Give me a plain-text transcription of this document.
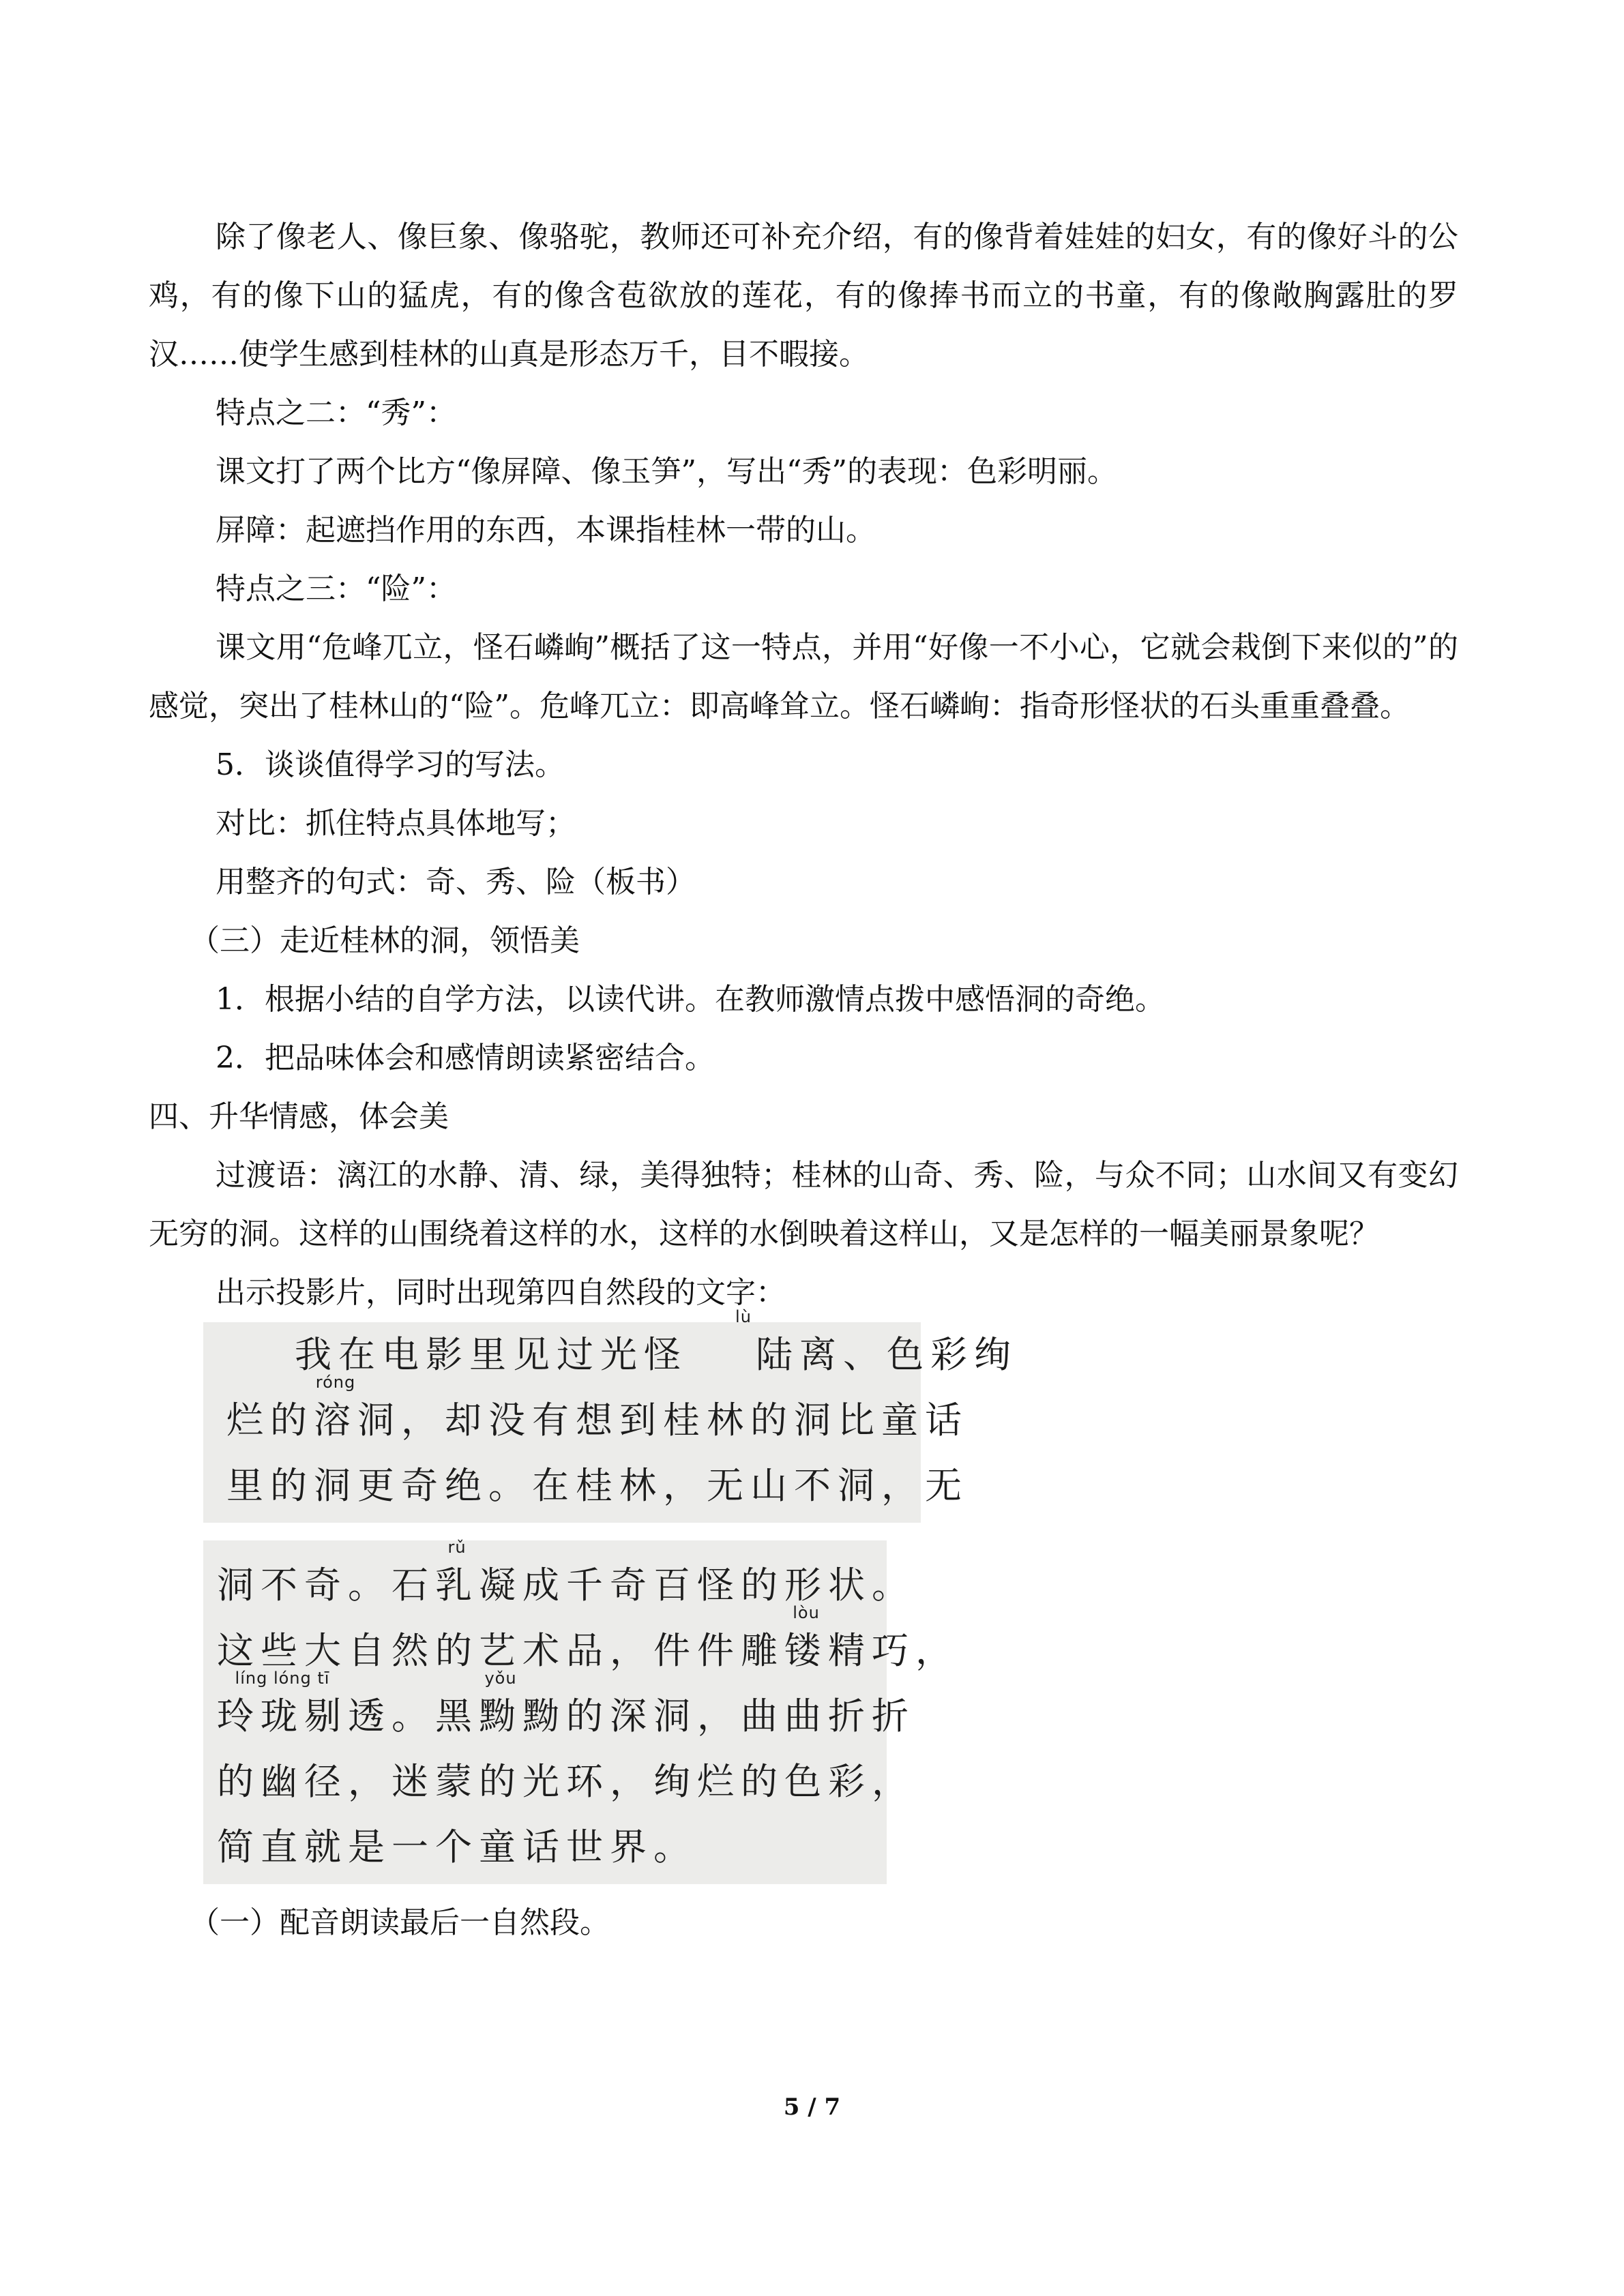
除了像老人、像巨象、像骆驼，教师还可补充介绍，有的像背着娃娃的妇女，有的像好斗的公鸡，有的像下山的猛虎，有的像含苞欲放的莲花，有的像捧书而立的书童，有的像敞胸露肚的罗汉……使学生感到桂林的山真是形态万千，目不暇接。

特点之二：“秀”：

课文打了两个比方“像屏障、像玉笋”，写出“秀”的表现：色彩明丽。

屏障：起遮挡作用的东西，本课指桂林一带的山。

特点之三：“险”：

课文用“危峰兀立，怪石嶙峋”概括了这一特点，并用“好像一不小心，它就会栽倒下来似的”的感觉，突出了桂林山的“险”。危峰兀立：即高峰耸立。怪石嶙峋：指奇形怪状的石头重重叠叠。

5．谈谈值得学习的写法。

对比：抓住特点具体地写；

用整齐的句式：奇、秀、险（板书）

（三）走近桂林的洞，领悟美

1．根据小结的自学方法，以读代讲。在教师激情点拨中感悟洞的奇绝。

2．把品味体会和感情朗读紧密结合。

四、升华情感，体会美

过渡语：漓江的水静、清、绿，美得独特；桂林的山奇、秀、险，与众不同；山水间又有变幻无穷的洞。这样的山围绕着这样的水，这样的水倒映着这样山，又是怎样的一幅美丽景象呢？

出示投影片，同时出现第四自然段的文字：

我在电影里见过光怪
lù
陆离、色彩绚
烂的
róng
溶洞，却没有想到桂林的洞比童话
里的洞更奇绝。在桂林，无山不洞，无
洞不奇。石
rǔ
乳凝成千奇百怪的形状。
这些大自然的艺术品，件件雕
lòu
镂精巧，
líng lóng tī
玲珑剔透。黑
yǒu
黝黝的深洞，曲曲折折
的幽径，迷蒙的光环，绚烂的色彩，
简直就是一个童话世界。

（一）配音朗读最后一自然段。

5 / 7
